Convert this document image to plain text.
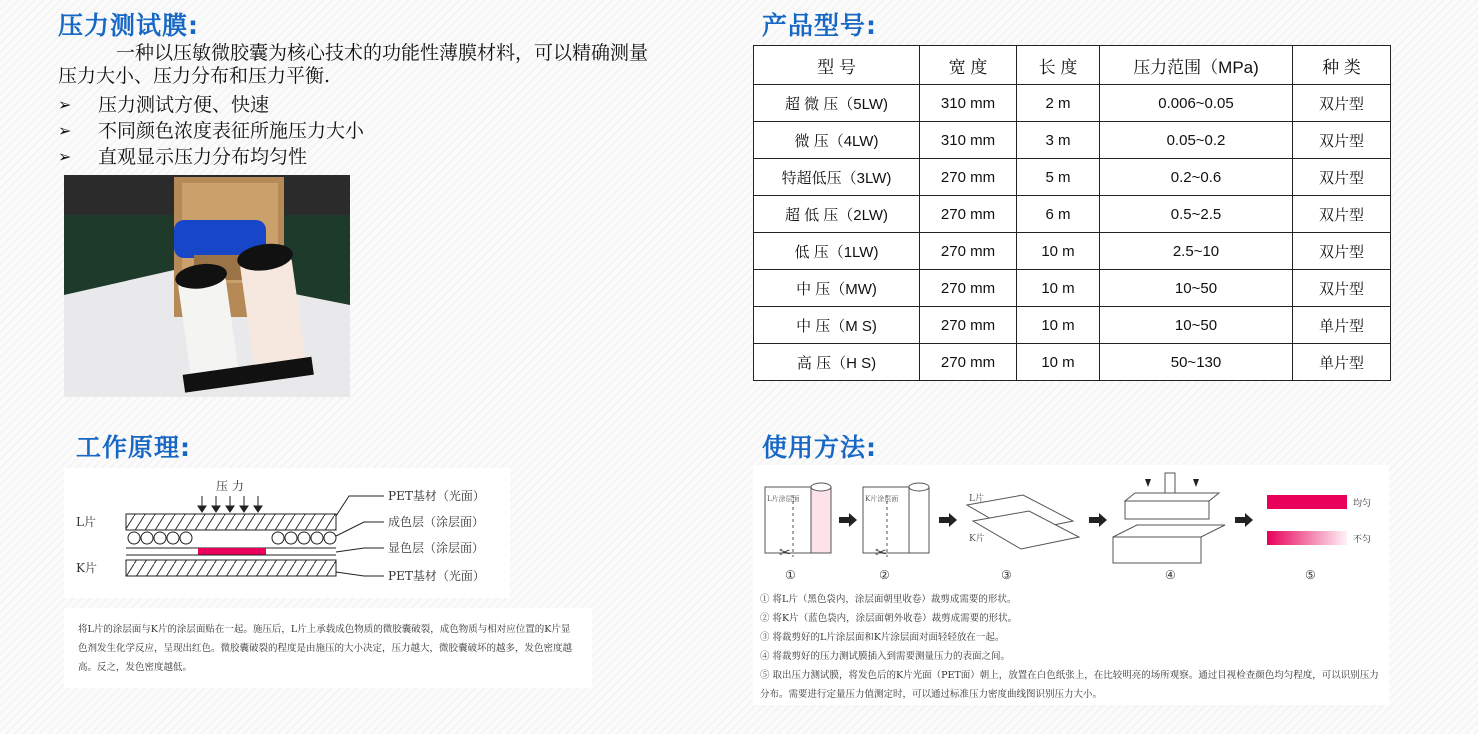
压力测试膜:	产品型号:
工作原理:	使用方法:
一种以压敏微胶囊为核心技术的功能性薄膜材料，可以精确测量压力大小、压力分布和压力平衡.
➢	压力测试方便、快速
➢	不同颜色浓度表征所施压力大小
➢	直观显示压力分布均匀性
型 号	宽 度	长 度	压力范围（MPa)	种 类
超 微 压（5LW)	310 mm	2 m	0.006~0.05	双片型
微 压（4LW)	310 mm	3 m	0.05~0.2	双片型
特超低压（3LW)	270 mm	5 m	0.2~0.6	双片型
超 低 压（2LW)	270 mm	6 m	0.5~2.5	双片型
低 压（1LW)	270 mm	10 m	2.5~10	双片型
中 压（MW)	270 mm	10 m	10~50	双片型
中 压（M S)	270 mm	10 m	10~50	单片型
高 压（H S)	270 mm	10 m	50~130	单片型
压 力
L片
K片
PET基材（光面）
成色层（涂层面）
显色层（涂层面）
PET基材（光面）
将L片的涂层面与K片的涂层面贴在一起。施压后，L片上承载成色物质的微胶囊破裂，成色物质与相对应位置的K片显色剂发生化学反应，呈现出红色。微胶囊破裂的程度是由施压的大小决定，压力越大，微胶囊破坏的越多，发色密度越高。反之，发色密度越低。
L片涂层面
✂
K片涂层面
✂
L片
K片
均匀
不匀
①	②	③	④	⑤
① 将L片（黑色袋内，涂层面朝里收卷）裁剪成需要的形状。
② 将K片（蓝色袋内，涂层面朝外收卷）裁剪成需要的形状。
③ 将裁剪好的L片涂层面和K片涂层面对面轻轻放在一起。
④ 将裁剪好的压力测试膜插入到需要测量压力的表面之间。
⑤ 取出压力测试膜，将发色后的K片光面（PET面）朝上，放置在白色纸张上，在比较明亮的场所观察。通过目视检查颜色均匀程度，可以识别压力分布。需要进行定量压力值测定时，可以通过标准压力密度曲线图识别压力大小。
